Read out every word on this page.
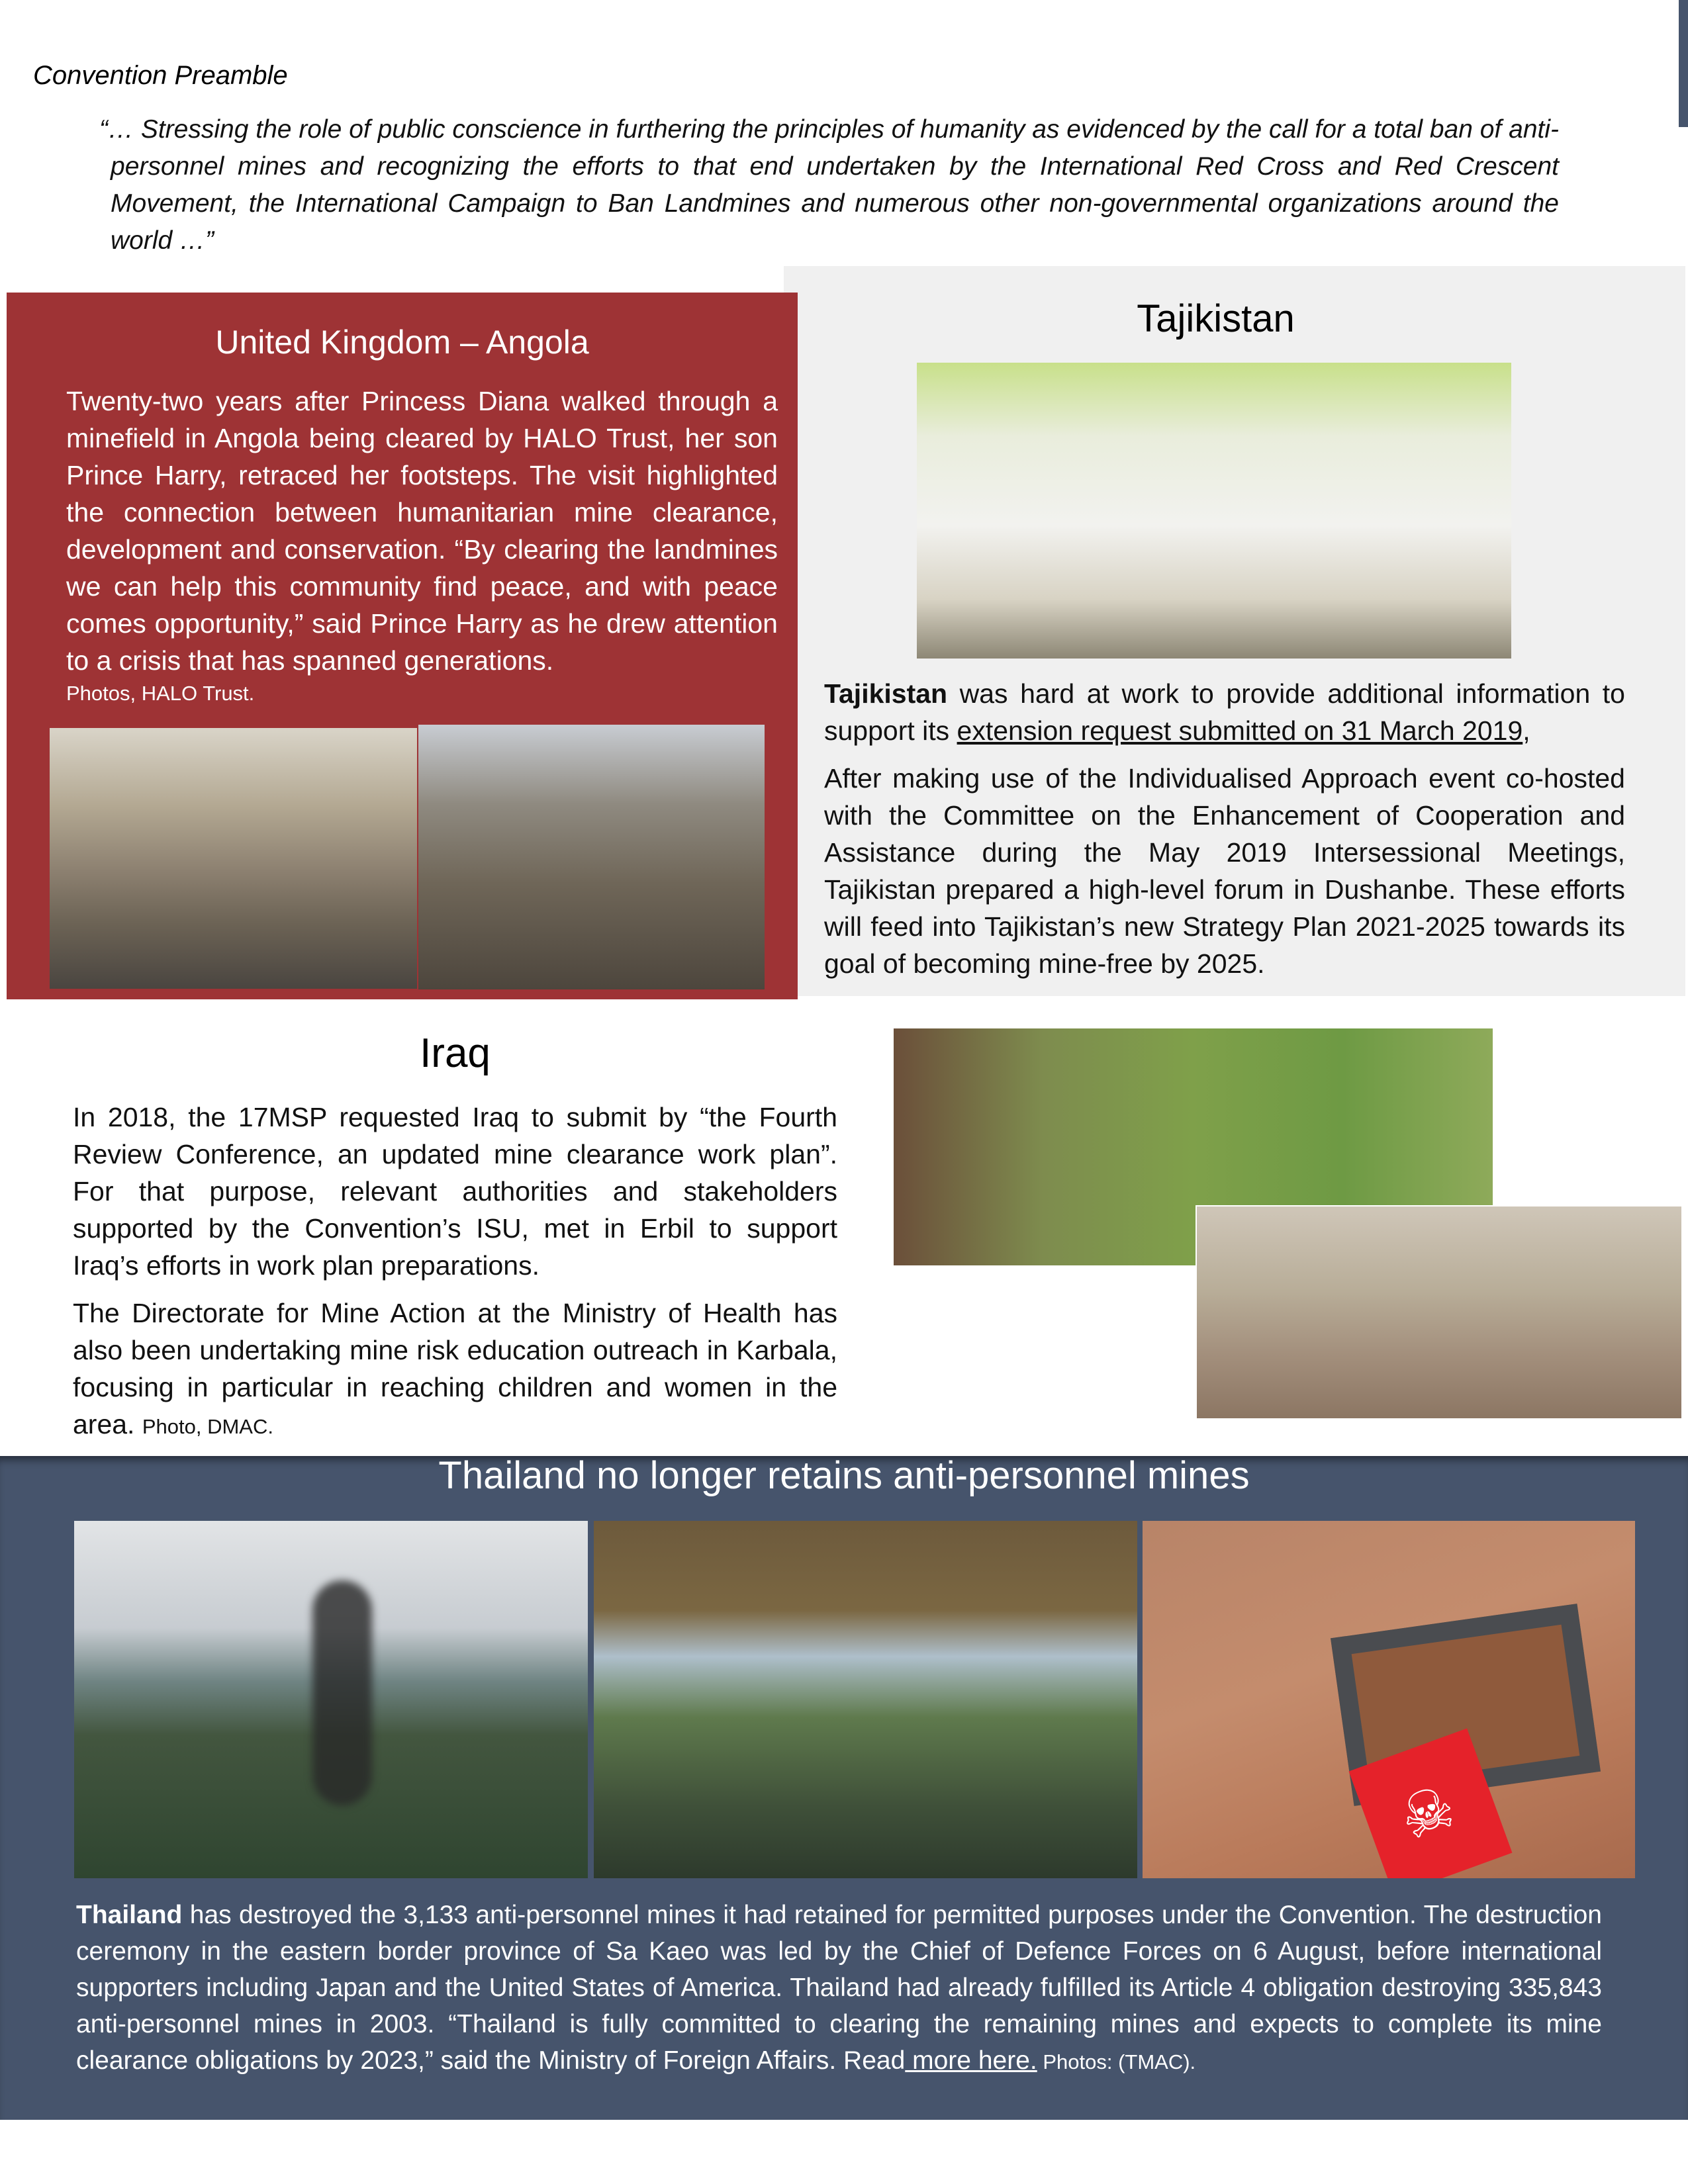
Convention Preamble
“… Stressing the role of public conscience in furthering the principles of humanity as evidenced by the call for a total ban of anti-personnel mines and recognizing the efforts to that end undertaken by the International Red Cross and Red Crescent Movement, the International Campaign to Ban Landmines and numerous other non-governmental organizations around the world …”
United Kingdom – Angola
Twenty-two years after Princess Diana walked through a minefield in Angola being cleared by HALO Trust, her son Prince Harry, retraced her footsteps. The visit highlighted the connection between humanitarian mine clearance, development and conservation. “By clearing the landmines we can help this community find peace, and with peace comes opportunity,” said Prince Harry as he drew attention to a crisis that has spanned generations.
Photos, HALO Trust.
Tajikistan

Tajikistan was hard at work to provide additional information to support its extension request submitted on 31 March 2019,

After making use of the Individualised Approach event co-hosted with the Committee on the Enhancement of Cooperation and Assistance during the May 2019 Intersessional Meetings, Tajikistan prepared a high-level forum in Dushanbe. These efforts will feed into Tajikistan’s new Strategy Plan 2021-2025 towards its goal of becoming mine-free by 2025.

Iraq

In 2018, the 17MSP requested Iraq to submit by “the Fourth Review Conference, an updated mine clearance work plan”. For that purpose, relevant authorities and stakeholders supported by the Convention’s ISU, met in Erbil to support Iraq’s efforts in work plan preparations.

The Directorate for Mine Action at the Ministry of Health has also been undertaking mine risk education outreach in Karbala, focusing in particular in reaching children and women in the area. Photo, DMAC.

Thailand no longer retains anti-personnel mines
☠
Thailand has destroyed the 3,133 anti-personnel mines it had retained for permitted purposes under the Convention. The destruction ceremony in the eastern border province of Sa Kaeo was led by the Chief of Defence Forces on 6 August, before international supporters including Japan and the United States of America. Thailand had already fulfilled its Article 4 obligation destroying 335,843 anti-personnel mines in 2003. “Thailand is fully committed to clearing the remaining mines and expects to complete its mine clearance obligations by 2023,” said the Ministry of Foreign Affairs. Read more here. Photos: (TMAC).
